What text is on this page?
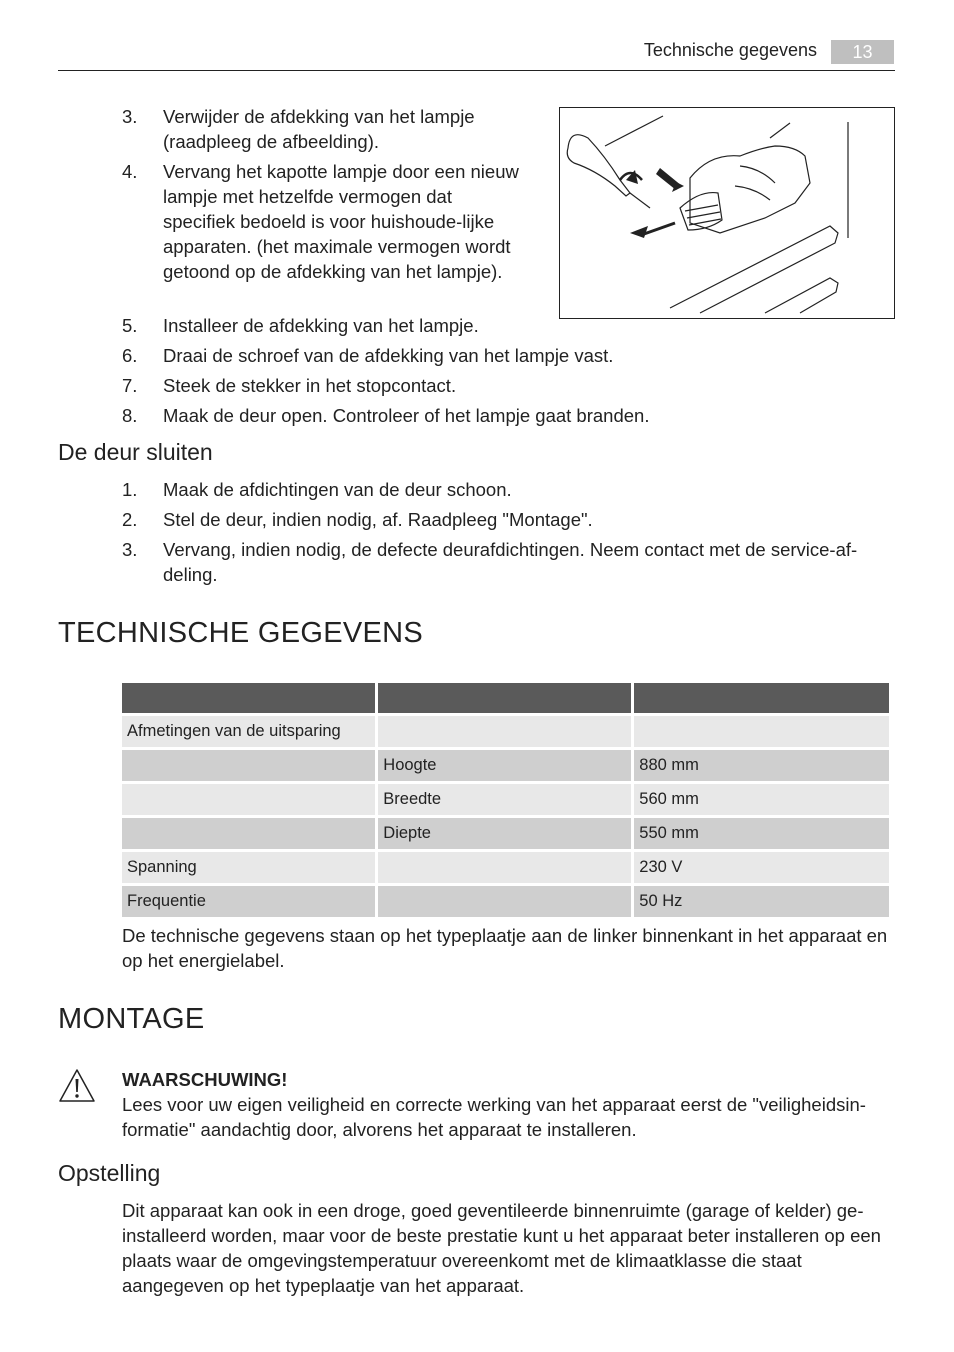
Technische gegevens	13
3. Verwijder de afdekking van het lampje (raadpleeg de afbeelding).
4. Vervang het kapotte lampje door een nieuw lampje met hetzelfde vermogen dat specifiek bedoeld is voor huishoude-lijke apparaten. (het maximale vermogen wordt getoond op de afdekking van het lampje).
5. Installeer de afdekking van het lampje.
6. Draai de schroef van de afdekking van het lampje vast.
7. Steek de stekker in het stopcontact.
8. Maak de deur open. Controleer of het lampje gaat branden.
De deur sluiten
1. Maak de afdichtingen van de deur schoon.
2. Stel de deur, indien nodig, af. Raadpleeg "Montage".
3. Vervang, indien nodig, de defecte deurafdichtingen. Neem contact met de service-af-deling.
TECHNISCHE GEGEVENS

Afmetingen van de uitsparing		
	Hoogte	880 mm
	Breedte	560 mm
	Diepte	550 mm
Spanning		230 V
Frequentie		50 Hz

De technische gegevens staan op het typeplaatje aan de linker binnenkant in het apparaat en op het energielabel.

MONTAGE
WAARSCHUWING!
Lees voor uw eigen veiligheid en correcte werking van het apparaat eerst de "veiligheidsin-formatie" aandachtig door, alvorens het apparaat te installeren.
Opstelling

Dit apparaat kan ook in een droge, goed geventileerde binnenruimte (garage of kelder) ge-installeerd worden, maar voor de beste prestatie kunt u het apparaat beter installeren op een plaats waar de omgevingstemperatuur overeenkomt met de klimaatklasse die staat aangegeven op het typeplaatje van het apparaat.
